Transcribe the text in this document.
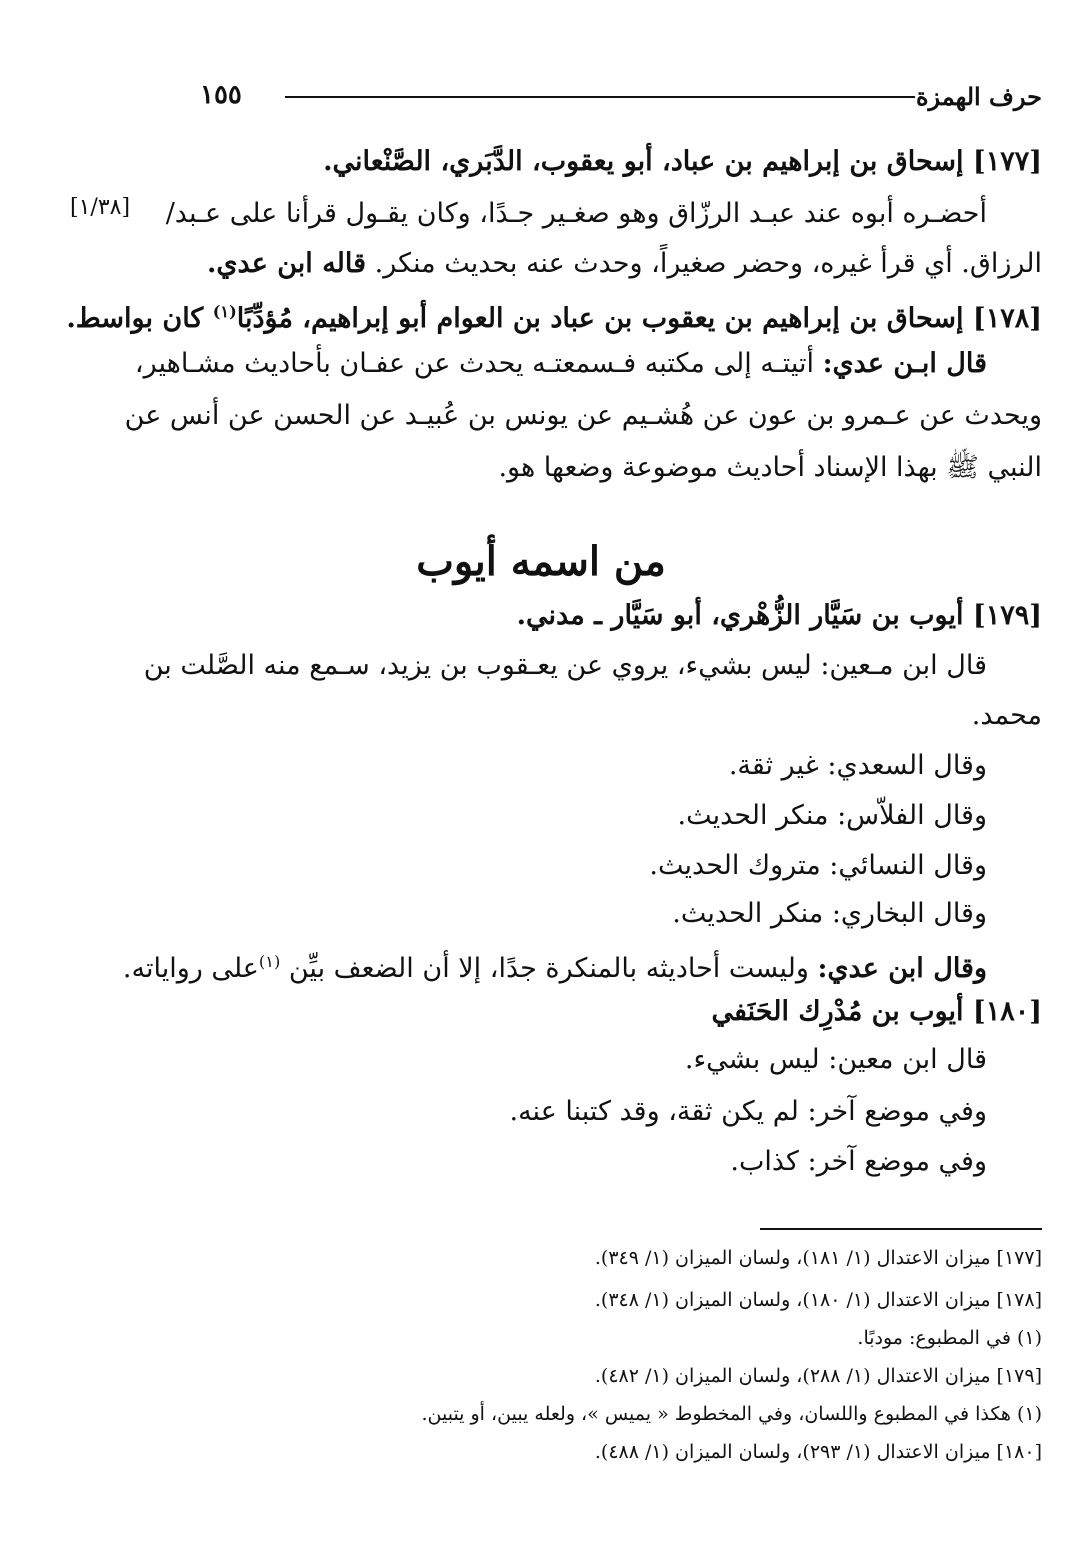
حرف الهمزة
١٥٥
[١/٣٨]
[١٧٧] إسحاق بن إبراهيم بن عباد، أبو يعقوب، الدَّبَري، الصَّنْعاني.
أحضـره أبوه عند عبـد الرزّاق وهو صغـير جـدًا، وكان يقـول قرأنا على عـبد/
الرزاق. أي قرأ غيره، وحضر صغيراً، وحدث عنه بحديث منكر. قاله ابن عدي.
[١٧٨] إسحاق بن إبراهيم بن يعقوب بن عباد بن العوام أبو إبراهيم، مُؤدِّبًا$^{(١)}$ كان بواسط.
قال ابـن عدي: أتيتـه إلى مكتبه فـسمعتـه يحدث عن عفـان بأحاديث مشـاهير،
ويحدث عن عـمرو بن عون عن هُشـيم عن يونس بن عُبيـد عن الحسن عن أنس عن
النبي ﷺ بهذا الإسناد أحاديث موضوعة وضعها هو.
من اسمه أيوب
[١٧٩] أيوب بن سَيَّار الزُّهْري، أبو سَيَّار ـ مدني.
قال ابن مـعين: ليس بشيء، يروي عن يعـقوب بن يزيد، سـمع منه الصَّلت بن
محمد.
وقال السعدي: غير ثقة.
وقال الفلاّس: منكر الحديث.
وقال النسائي: متروك الحديث.
وقال البخاري: منكر الحديث.
وقال ابن عدي: وليست أحاديثه بالمنكرة جدًا، إلا أن الضعف بيِّن $^{(١)}$على رواياته.
[١٨٠] أيوب بن مُدْرِك الحَنَفي
قال ابن معين: ليس بشيء.
وفي موضع آخر: لم يكن ثقة، وقد كتبنا عنه.
وفي موضع آخر: كذاب.
[١٧٧] ميزان الاعتدال (١/ ١٨١)، ولسان الميزان (١/ ٣٤٩).
[١٧٨] ميزان الاعتدال (١/ ١٨٠)، ولسان الميزان (١/ ٣٤٨).
(١) في المطبوع: مودبًا.
[١٧٩] ميزان الاعتدال (١/ ٢٨٨)، ولسان الميزان (١/ ٤٨٢).
(١) هكذا في المطبوع واللسان، وفي المخطوط « يميس »، ولعله يبين، أو يتبين.
[١٨٠] ميزان الاعتدال (١/ ٢٩٣)، ولسان الميزان (١/ ٤٨٨).
